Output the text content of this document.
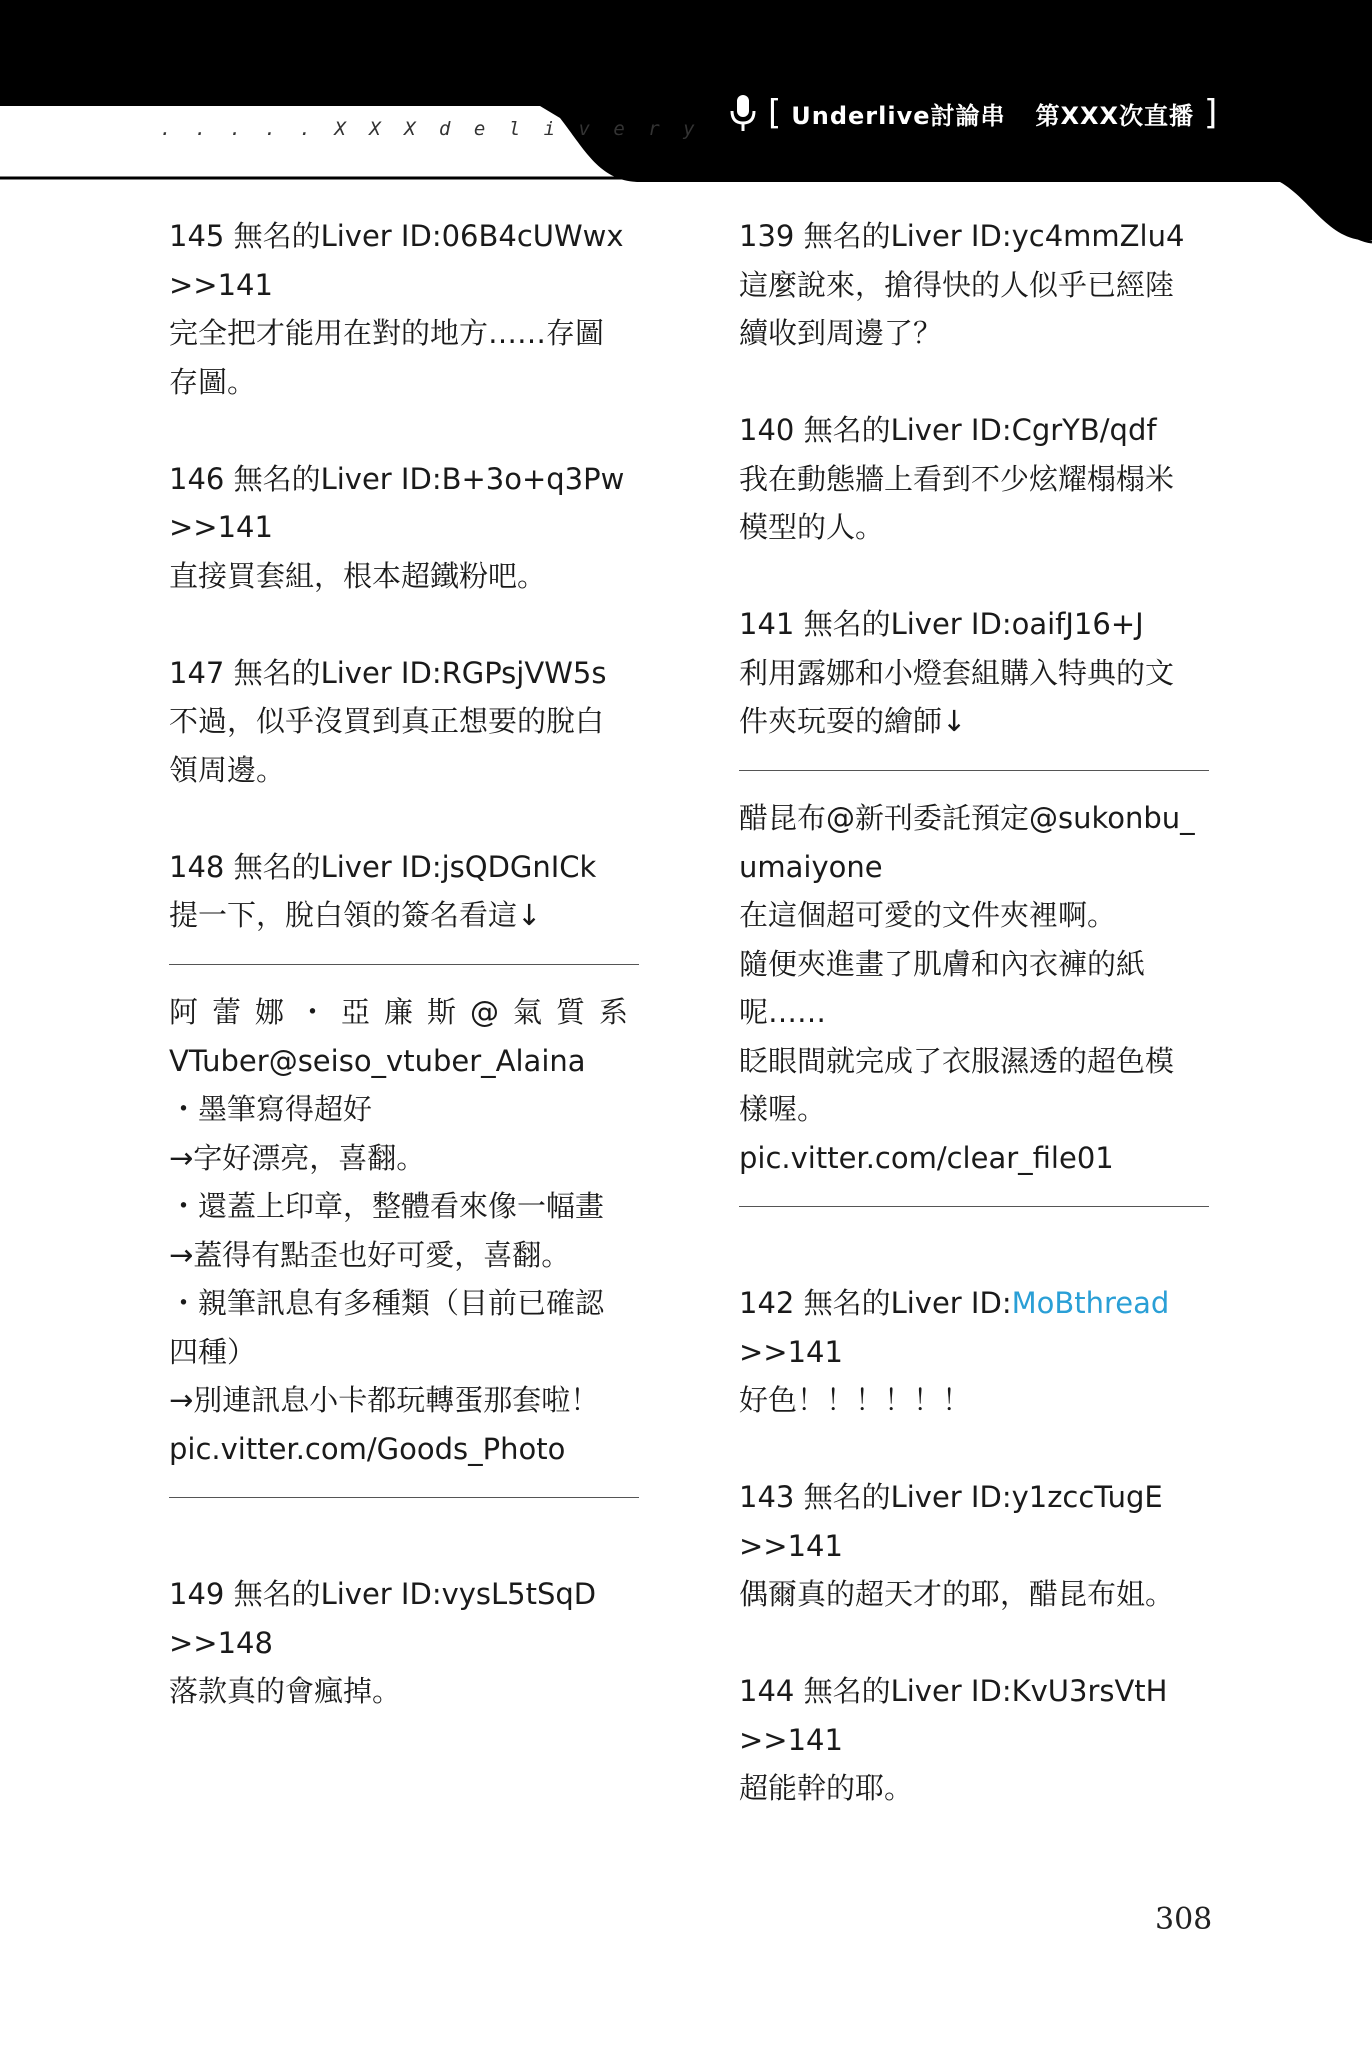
. . . . . X X X d e l i v e r y [ Underlive討論串 第XXX次直播 ]
145 無名的Liver ID:06B4cUWwx
>>141
完全把才能用在對的地方……存圖
存圖。
146 無名的Liver ID:B+3o+q3Pw
>>141
直接買套組，根本超鐵粉吧。
147 無名的Liver ID:RGPsjVW5s
不過，似乎沒買到真正想要的脫白
領周邊。
148 無名的Liver ID:jsQDGnICk
提一下，脫白領的簽名看這↓
阿蕾娜・亞廉斯@氣質系
VTuber@seiso_vtuber_Alaina
・墨筆寫得超好
→字好漂亮，喜翻。
・還蓋上印章，整體看來像一幅畫
→蓋得有點歪也好可愛，喜翻。
・親筆訊息有多種類（目前已確認
四種）
→別連訊息小卡都玩轉蛋那套啦！
pic.vitter.com/Goods_Photo
149 無名的Liver ID:vysL5tSqD
>>148
落款真的會瘋掉。
139 無名的Liver ID:yc4mmZlu4
這麼說來，搶得快的人似乎已經陸
續收到周邊了？
140 無名的Liver ID:CgrYB/qdf
我在動態牆上看到不少炫耀榻榻米
模型的人。
141 無名的Liver ID:oaifJ16+J
利用露娜和小燈套組購入特典的文
件夾玩耍的繪師↓
醋昆布@新刊委託預定@sukonbu_
umaiyone
在這個超可愛的文件夾裡啊。
隨便夾進畫了肌膚和內衣褲的紙
呢……
眨眼間就完成了衣服濕透的超色模
樣喔。
pic.vitter.com/clear_file01
142 無名的Liver ID:MoBthread
>>141
好色！！！！！！
143 無名的Liver ID:y1zccTugE
>>141
偶爾真的超天才的耶，醋昆布姐。
144 無名的Liver ID:KvU3rsVtH
>>141
超能幹的耶。
308
